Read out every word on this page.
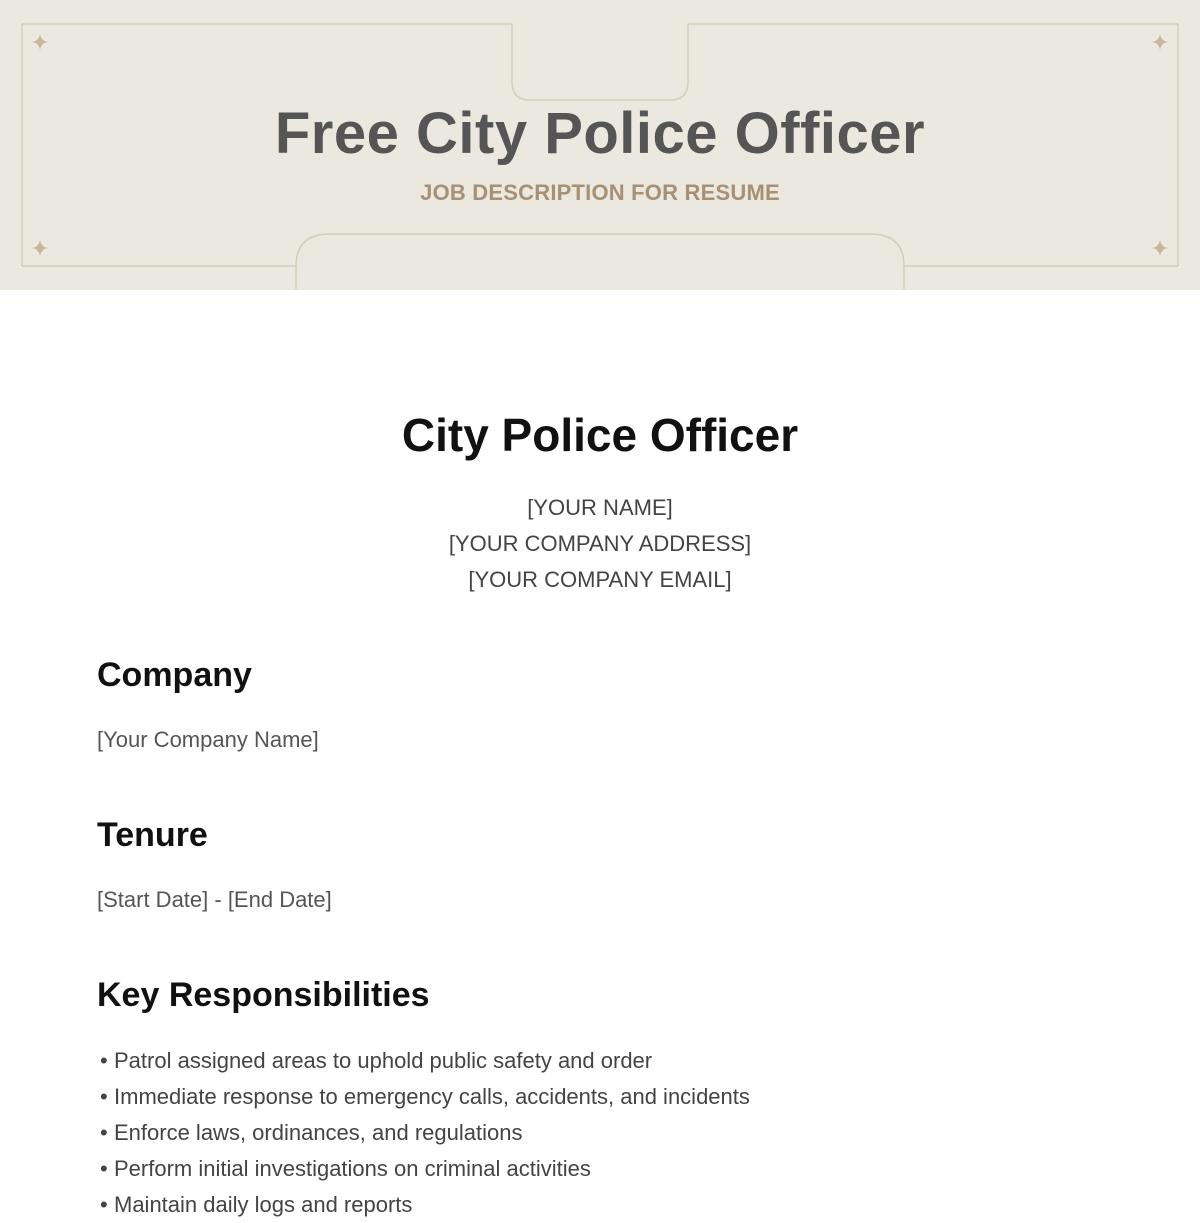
Free City Police Officer
JOB DESCRIPTION FOR RESUME
City Police Officer
[YOUR NAME]
[YOUR COMPANY ADDRESS]
[YOUR COMPANY EMAIL]
Company
[Your Company Name]
Tenure
[Start Date] - [End Date]
Key Responsibilities
• Patrol assigned areas to uphold public safety and order
• Immediate response to emergency calls, accidents, and incidents
• Enforce laws, ordinances, and regulations
• Perform initial investigations on criminal activities
• Maintain daily logs and reports
